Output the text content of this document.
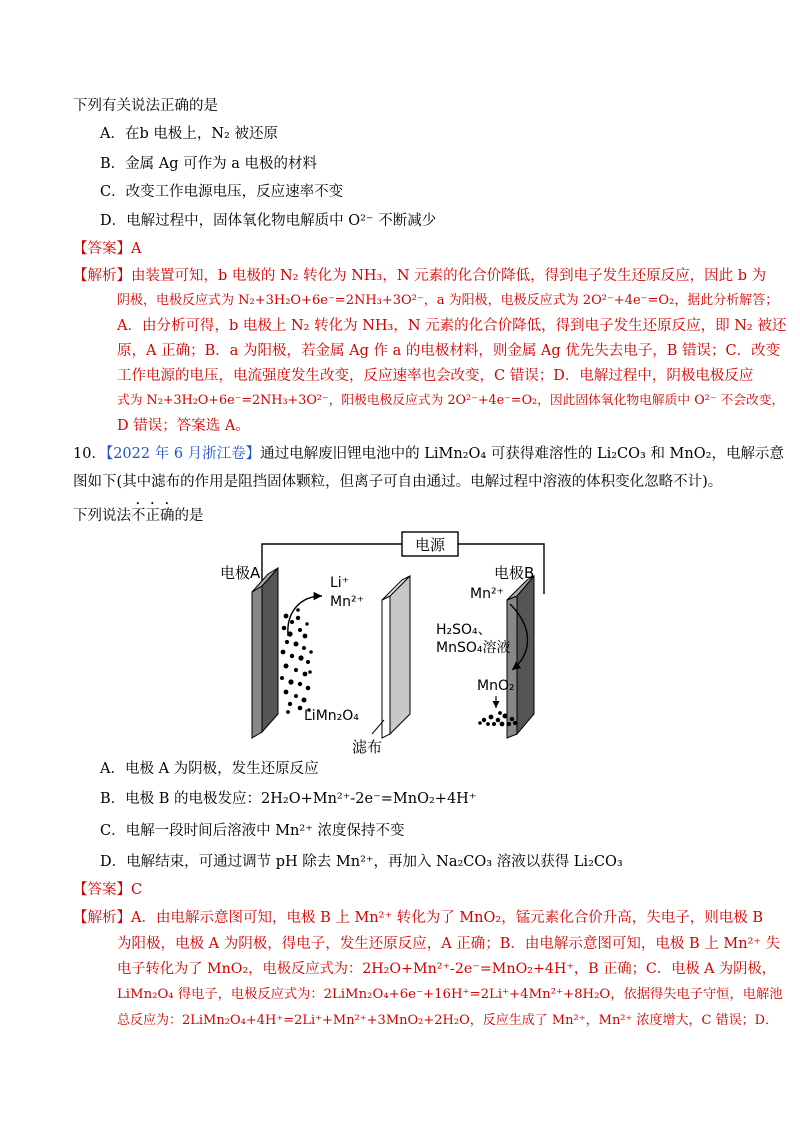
下列有关说法正确的是
A．在b 电极上，N₂ 被还原
B．金属 Ag 可作为 a 电极的材料
C．改变工作电源电压，反应速率不变
D．电解过程中，固体氧化物电解质中 O²⁻ 不断减少
【答案】A
【解析】由装置可知，b 电极的 N₂ 转化为 NH₃，N 元素的化合价降低，得到电子发生还原反应，因此 b 为
阴极，电极反应式为 N₂+3H₂O+6e⁻=2NH₃+3O²⁻，a 为阳极，电极反应式为 2O²⁻+4e⁻=O₂，据此分析解答；
A．由分析可得，b 电极上 N₂ 转化为 NH₃，N 元素的化合价降低，得到电子发生还原反应，即 N₂ 被还
原，A 正确；B．a 为阳极，若金属 Ag 作 a 的电极材料，则金属 Ag 优先失去电子，B 错误；C．改变
工作电源的电压，电流强度发生改变，反应速率也会改变，C 错误；D．电解过程中，阴极电极反应
式为 N₂+3H₂O+6e⁻=2NH₃+3O²⁻，阳极电极反应式为 2O²⁻+4e⁻=O₂，因此固体氧化物电解质中 O²⁻ 不会改变，
D 错误；答案选 A。
10．【2022 年 6 月浙江卷】通过电解废旧锂电池中的 LiMn₂O₄ 可获得难溶性的 Li₂CO₃ 和 MnO₂，电解示意
图如下(其中滤布的作用是阻挡固体颗粒，但离子可自由通过。电解过程中溶液的体积变化忽略不计)。
下列说法不正确的是
电源
电极A	电极B
Li⁺
Mn²⁺
LiMn₂O₄
H₂SO₄、
MnSO₄溶液
Mn²⁺
MnO₂
滤布
A．电极 A 为阴极，发生还原反应
B．电极 B 的电极发应：2H₂O+Mn²⁺-2e⁻=MnO₂+4H⁺
C．电解一段时间后溶液中 Mn²⁺ 浓度保持不变
D．电解结束，可通过调节 pH 除去 Mn²⁺，再加入 Na₂CO₃ 溶液以获得 Li₂CO₃
【答案】C
【解析】A．由电解示意图可知，电极 B 上 Mn²⁺ 转化为了 MnO₂，锰元素化合价升高，失电子，则电极 B
为阳极，电极 A 为阴极，得电子，发生还原反应，A 正确；B．由电解示意图可知，电极 B 上 Mn²⁺ 失
电子转化为了 MnO₂，电极反应式为：2H₂O+Mn²⁺-2e⁻=MnO₂+4H⁺，B 正确；C．电极 A 为阴极，
LiMn₂O₄ 得电子，电极反应式为：2LiMn₂O₄+6e⁻+16H⁺=2Li⁺+4Mn²⁺+8H₂O，依据得失电子守恒，电解池
总反应为：2LiMn₂O₄+4H⁺=2Li⁺+Mn²⁺+3MnO₂+2H₂O，反应生成了 Mn²⁺，Mn²⁺ 浓度增大，C 错误；D．
